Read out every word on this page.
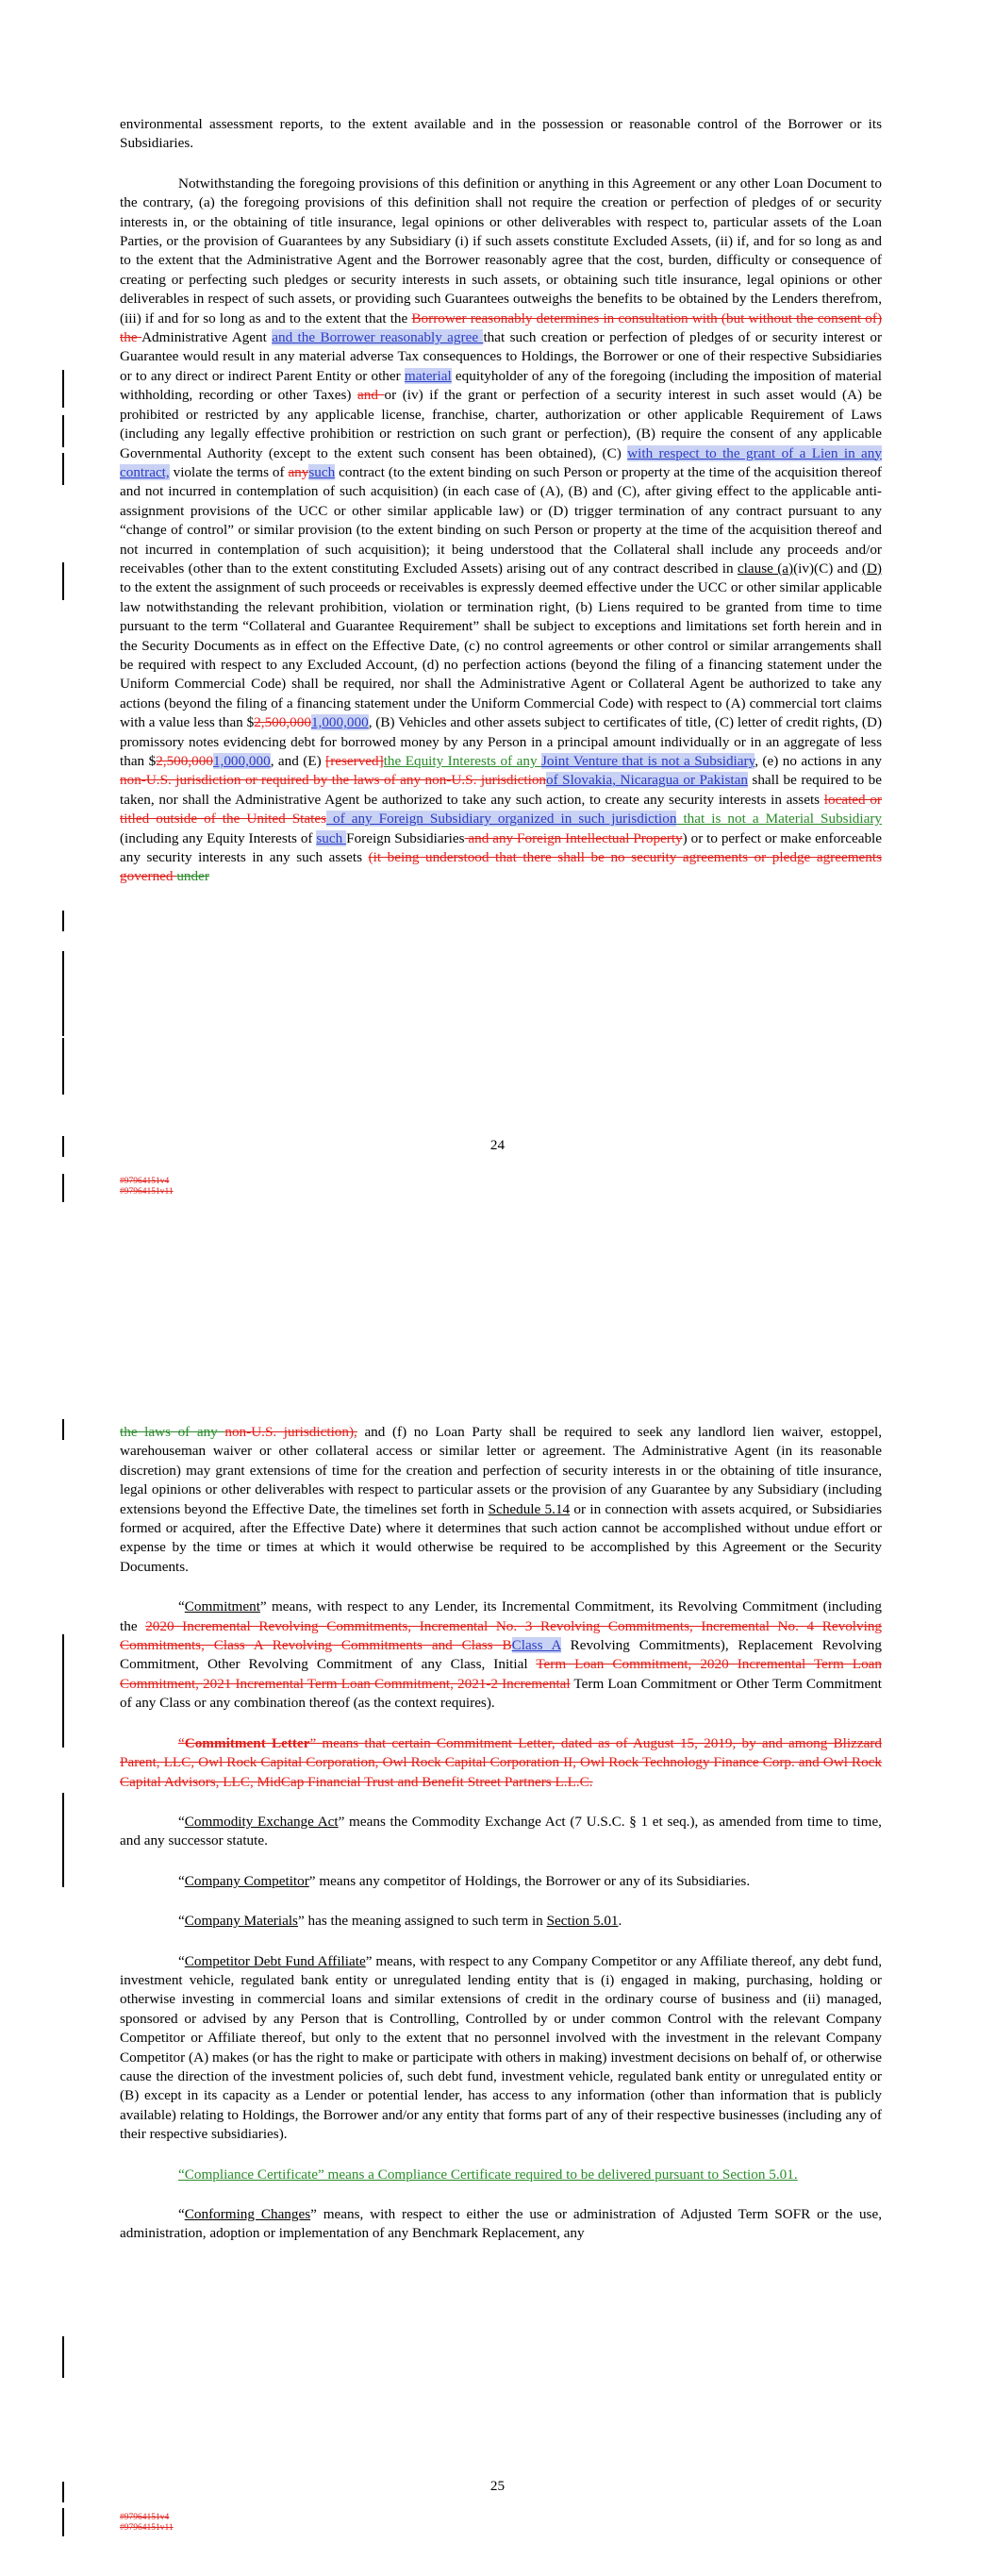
environmental assessment reports, to the extent available and in the possession or reasonable control of the Borrower or its Subsidiaries.

Notwithstanding the foregoing provisions of this definition or anything in this Agreement or any other Loan Document to the contrary, (a) the foregoing provisions of this definition shall not require the creation or perfection of pledges of or security interests in, or the obtaining of title insurance, legal opinions or other deliverables with respect to, particular assets of the Loan Parties, or the provision of Guarantees by any Subsidiary (i) if such assets constitute Excluded Assets, (ii) if, and for so long as and to the extent that the Administrative Agent and the Borrower reasonably agree that the cost, burden, difficulty or consequence of creating or perfecting such pledges or security interests in such assets, or obtaining such title insurance, legal opinions or other deliverables in respect of such assets, or providing such Guarantees outweighs the benefits to be obtained by the Lenders therefrom, (iii) if and for so long as and to the extent that the Borrower reasonably determines in consultation with (but without the consent of) the Administrative Agent and the Borrower reasonably agree that such creation or perfection of pledges of or security interest or Guarantee would result in any material adverse Tax consequences to Holdings, the Borrower or one of their respective Subsidiaries or to any direct or indirect Parent Entity or other material equityholder of any of the foregoing (including the imposition of material withholding, recording or other Taxes) and or (iv) if the grant or perfection of a security interest in such asset would (A) be prohibited or restricted by any applicable license, franchise, charter, authorization or other applicable Requirement of Laws (including any legally effective prohibition or restriction on such grant or perfection), (B) require the consent of any applicable Governmental Authority (except to the extent such consent has been obtained), (C) with respect to the grant of a Lien in any contract, violate the terms of anysuch contract (to the extent binding on such Person or property at the time of the acquisition thereof and not incurred in contemplation of such acquisition) (in each case of (A), (B) and (C), after giving effect to the applicable anti-assignment provisions of the UCC or other similar applicable law) or (D) trigger termination of any contract pursuant to any “change of control” or similar provision (to the extent binding on such Person or property at the time of the acquisition thereof and not incurred in contemplation of such acquisition); it being understood that the Collateral shall include any proceeds and/or receivables (other than to the extent constituting Excluded Assets) arising out of any contract described in clause (a)(iv)(C) and (D) to the extent the assignment of such proceeds or receivables is expressly deemed effective under the UCC or other similar applicable law notwithstanding the relevant prohibition, violation or termination right, (b) Liens required to be granted from time to time pursuant to the term “Collateral and Guarantee Requirement” shall be subject to exceptions and limitations set forth herein and in the Security Documents as in effect on the Effective Date, (c) no control agreements or other control or similar arrangements shall be required with respect to any Excluded Account, (d) no perfection actions (beyond the filing of a financing statement under the Uniform Commercial Code) shall be required, nor shall the Administrative Agent or Collateral Agent be authorized to take any actions (beyond the filing of a financing statement under the Uniform Commercial Code) with respect to (A) commercial tort claims with a value less than $2,500,0001,000,000, (B) Vehicles and other assets subject to certificates of title, (C) letter of credit rights, (D) promissory notes evidencing debt for borrowed money by any Person in a principal amount individually or in an aggregate of less than $2,500,0001,000,000, and (E) [reserved]the Equity Interests of any Joint Venture that is not a Subsidiary, (e) no actions in any non-U.S. jurisdiction or required by the laws of any non-U.S. jurisdictionof Slovakia, Nicaragua or Pakistan shall be required to be taken, nor shall the Administrative Agent be authorized to take any such action, to create any security interests in assets located or titled outside of the United States of any Foreign Subsidiary organized in such jurisdiction that is not a Material Subsidiary (including any Equity Interests of such Foreign Subsidiaries and any Foreign Intellectual Property) or to perfect or make enforceable any security interests in any such assets (it being understood that there shall be no security agreements or pledge agreements governed under

24
#97964151v4
#97964151v11

the laws of any non-U.S. jurisdiction), and (f) no Loan Party shall be required to seek any landlord lien waiver, estoppel, warehouseman waiver or other collateral access or similar letter or agreement. The Administrative Agent (in its reasonable discretion) may grant extensions of time for the creation and perfection of security interests in or the obtaining of title insurance, legal opinions or other deliverables with respect to particular assets or the provision of any Guarantee by any Subsidiary (including extensions beyond the Effective Date, the timelines set forth in Schedule 5.14 or in connection with assets acquired, or Subsidiaries formed or acquired, after the Effective Date) where it determines that such action cannot be accomplished without undue effort or expense by the time or times at which it would otherwise be required to be accomplished by this Agreement or the Security Documents.

“Commitment” means, with respect to any Lender, its Incremental Commitment, its Revolving Commitment (including the 2020 Incremental Revolving Commitments, Incremental No. 3 Revolving Commitments, Incremental No. 4 Revolving Commitments, Class A Revolving Commitments and Class BClass A Revolving Commitments), Replacement Revolving Commitment, Other Revolving Commitment of any Class, Initial Term Loan Commitment, 2020 Incremental Term Loan Commitment, 2021 Incremental Term Loan Commitment, 2021-2 Incremental Term Loan Commitment or Other Term Commitment of any Class or any combination thereof (as the context requires).

“Commitment Letter” means that certain Commitment Letter, dated as of August 15, 2019, by and among Blizzard Parent, LLC, Owl Rock Capital Corporation, Owl Rock Capital Corporation II, Owl Rock Technology Finance Corp. and Owl Rock Capital Advisors, LLC, MidCap Financial Trust and Benefit Street Partners L.L.C.

“Commodity Exchange Act” means the Commodity Exchange Act (7 U.S.C. § 1 et seq.), as amended from time to time, and any successor statute.

“Company Competitor” means any competitor of Holdings, the Borrower or any of its Subsidiaries.

“Company Materials” has the meaning assigned to such term in Section 5.01.

“Competitor Debt Fund Affiliate” means, with respect to any Company Competitor or any Affiliate thereof, any debt fund, investment vehicle, regulated bank entity or unregulated lending entity that is (i) engaged in making, purchasing, holding or otherwise investing in commercial loans and similar extensions of credit in the ordinary course of business and (ii) managed, sponsored or advised by any Person that is Controlling, Controlled by or under common Control with the relevant Company Competitor or Affiliate thereof, but only to the extent that no personnel involved with the investment in the relevant Company Competitor (A) makes (or has the right to make or participate with others in making) investment decisions on behalf of, or otherwise cause the direction of the investment policies of, such debt fund, investment vehicle, regulated bank entity or unregulated entity or (B) except in its capacity as a Lender or potential lender, has access to any information (other than information that is publicly available) relating to Holdings, the Borrower and/or any entity that forms part of any of their respective businesses (including any of their respective subsidiaries).

“Compliance Certificate” means a Compliance Certificate required to be delivered pursuant to Section 5.01.

“Conforming Changes” means, with respect to either the use or administration of Adjusted Term SOFR or the use, administration, adoption or implementation of any Benchmark Replacement, any

25
#97964151v4
#97964151v11
